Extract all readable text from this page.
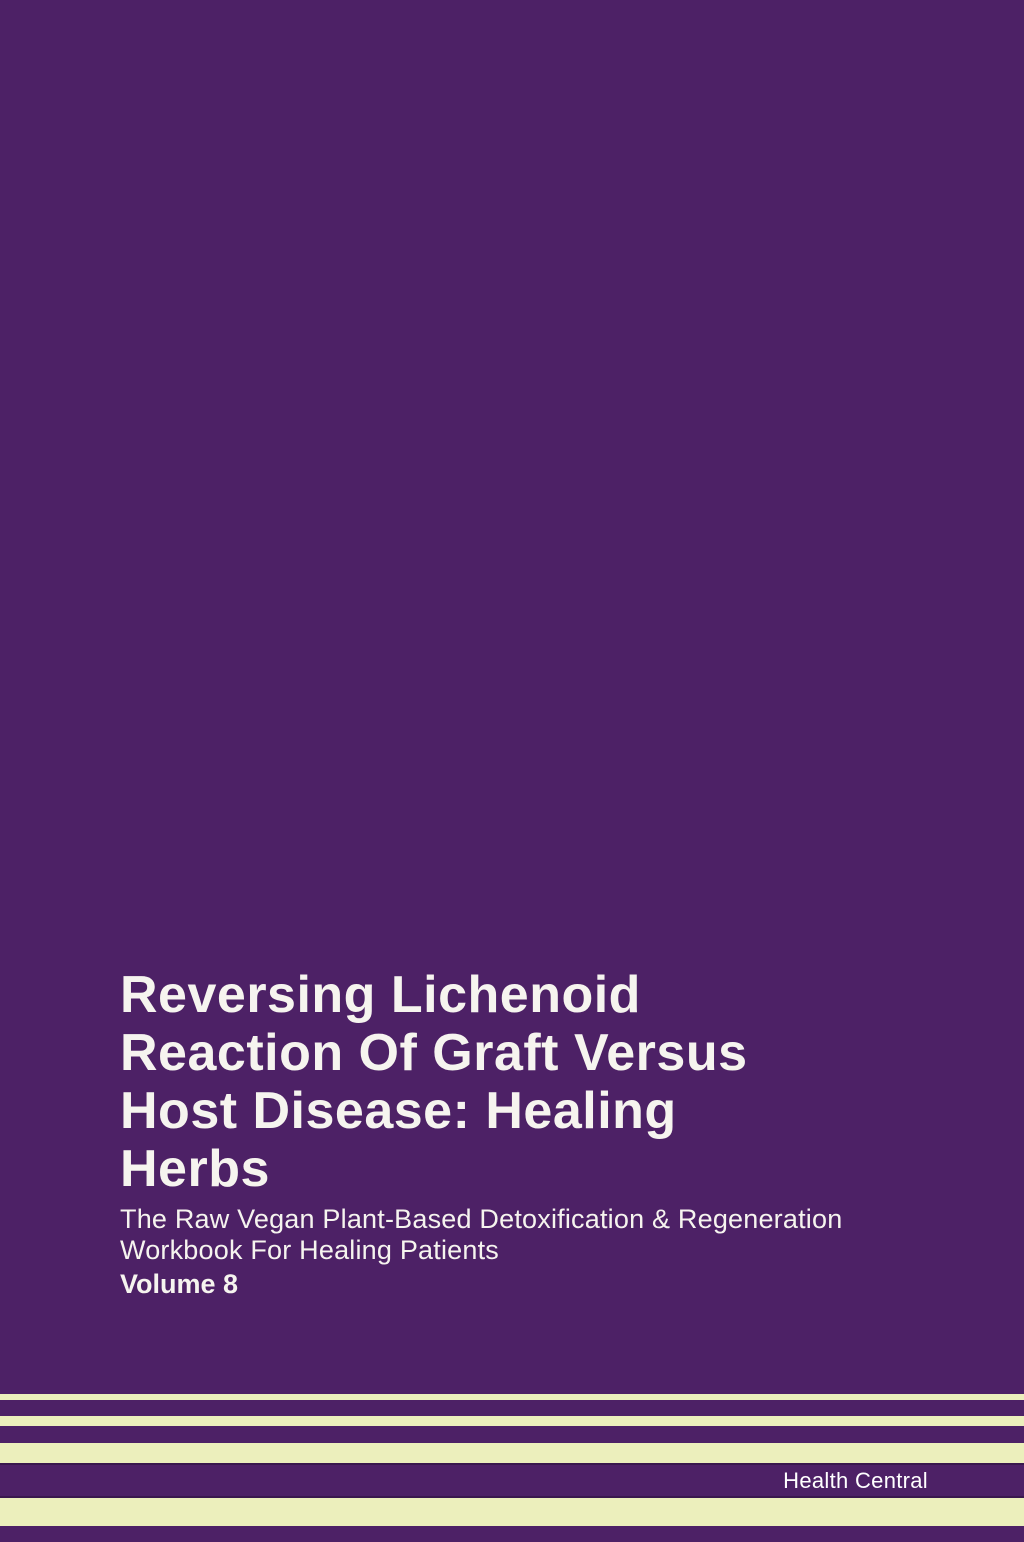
Reversing Lichenoid
Reaction Of Graft Versus
Host Disease: Healing
Herbs
The Raw Vegan Plant-Based Detoxification & Regeneration
Workbook For Healing Patients
Volume 8
Health Central
